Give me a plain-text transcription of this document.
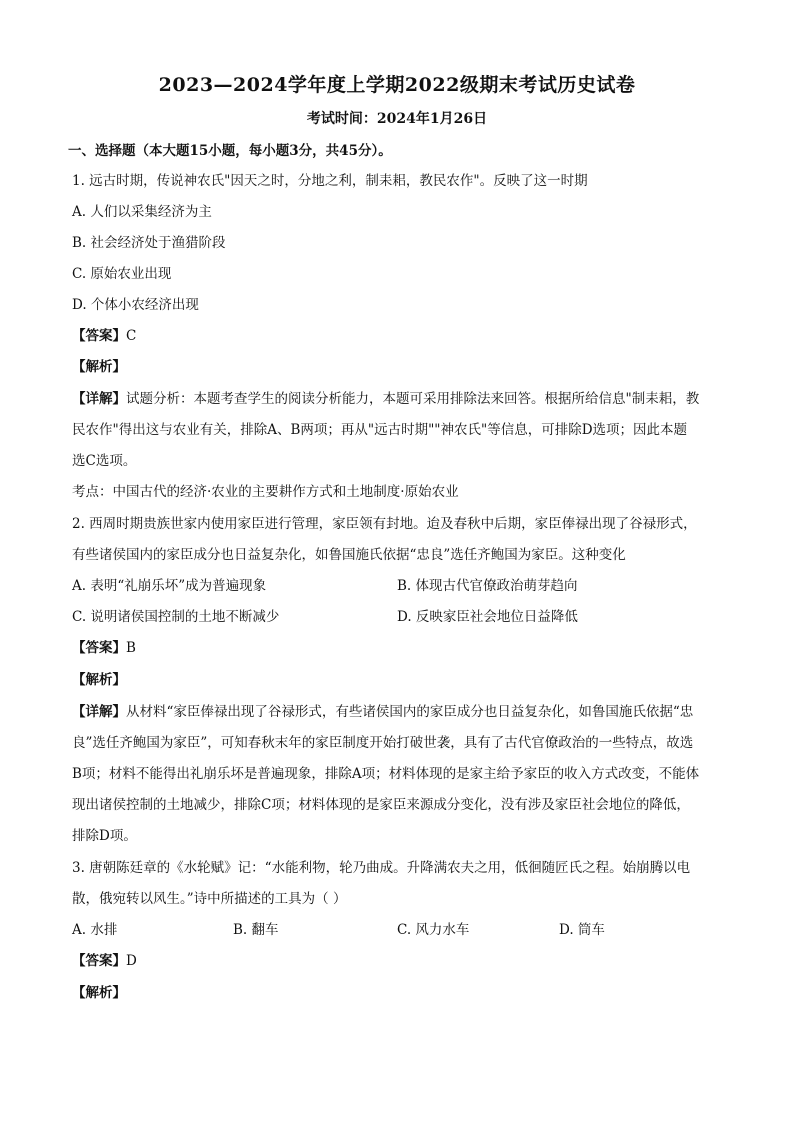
2023—2024学年度上学期2022级期末考试历史试卷
考试时间：2024年1月26日
一、选择题（本大题15小题，每小题3分，共45分）。
1. 远古时期，传说神农氏"因天之时，分地之利，制耒耜，教民农作"。反映了这一时期
A. 人们以采集经济为主
B. 社会经济处于渔猎阶段
C. 原始农业出现
D. 个体小农经济出现
【答案】C
【解析】
【详解】试题分析：本题考查学生的阅读分析能力，本题可采用排除法来回答。根据所给信息"制耒耜，教
民农作"得出这与农业有关，排除A、B两项；再从"远古时期""神农氏"等信息，可排除D选项；因此本题
选C选项。
考点：中国古代的经济·农业的主要耕作方式和土地制度·原始农业
2. 西周时期贵族世家内使用家臣进行管理，家臣领有封地。迨及春秋中后期，家臣俸禄出现了谷禄形式，
有些诸侯国内的家臣成分也日益复杂化，如鲁国施氏依据“忠良”选任齐鲍国为家臣。这种变化
A. 表明“礼崩乐坏”成为普遍现象	B. 体现古代官僚政治萌芽趋向
C. 说明诸侯国控制的土地不断减少	D. 反映家臣社会地位日益降低
【答案】B
【解析】
【详解】从材料“家臣俸禄出现了谷禄形式，有些诸侯国内的家臣成分也日益复杂化，如鲁国施氏依据“忠
良”选任齐鲍国为家臣”，可知春秋末年的家臣制度开始打破世袭，具有了古代官僚政治的一些特点，故选
B项；材料不能得出礼崩乐坏是普遍现象，排除A项；材料体现的是家主给予家臣的收入方式改变，不能体
现出诸侯控制的土地减少，排除C项；材料体现的是家臣来源成分变化，没有涉及家臣社会地位的降低，
排除D项。
3. 唐朝陈廷章的《水轮赋》记：“水能利物，轮乃曲成。升降满农夫之用，低徊随匠氏之程。始崩腾以电
散，俄宛转以风生。”诗中所描述的工具为（ ）
A. 水排	B. 翻车	C. 风力水车	D. 筒车
【答案】D
【解析】
